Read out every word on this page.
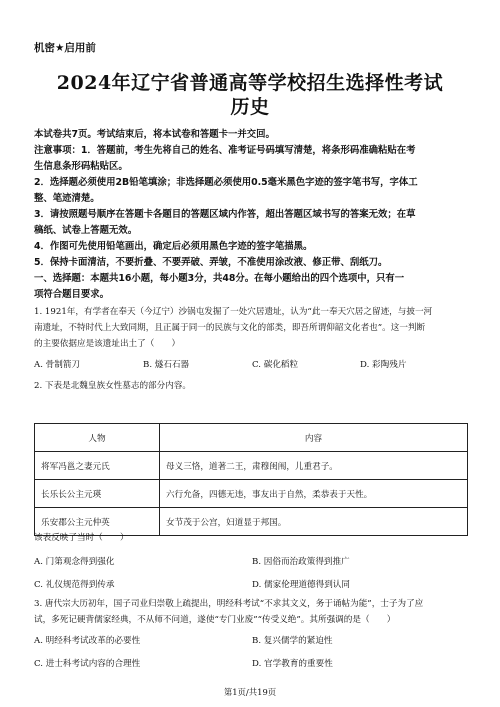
机密★启用前
2024年辽宁省普通高等学校招生选择性考试
历史
本试卷共7页。考试结束后，将本试卷和答题卡一并交回。
注意事项：1．答题前，考生先将自己的姓名、准考证号码填写清楚，将条形码准确粘贴在考
生信息条形码粘贴区。
2．选择题必须使用2B铅笔填涂；非选择题必须使用0.5毫米黑色字迹的签字笔书写，字体工
整、笔迹清楚。
3．请按照题号顺序在答题卡各题目的答题区域内作答，超出答题区域书写的答案无效；在草
稿纸、试卷上答题无效。
4．作图可先使用铅笔画出，确定后必须用黑色字迹的签字笔描黑。
5．保持卡面清洁，不要折叠、不要弄破、弄皱，不准使用涂改液、修正带、刮纸刀。
一、选择题：本题共16小题，每小题3分，共48分。在每小题给出的四个选项中，只有一
项符合题目要求。
1. 1921年，有学者在奉天（今辽宁）沙锅屯发掘了一处穴居遗址，认为“此一奉天穴居之留迹，与披一河
南遗址，不特时代上大致同期，且正属于同一的民族与文化的部类，即吾所谓仰韶文化者也”。这一判断
的主要依据应是该遗址出土了（　　）
A. 骨制箭刀	B. 燧石石器	C. 碳化稻粒	D. 彩陶残片
2. 下表是北魏皇族女性墓志的部分内容。
人物	内容
将军冯邕之妻元氏	母义三恪，道著二王，肃穆闺闱，儿重君子。
长乐长公主元瑛	六行允备，四德无违，事友出于自然，柔恭表于天性。
乐安郡公主元仲英	女节茂于公宫，妇道显于邦国。
该表反映了当时（　　）
A. 门第观念得到强化	B. 因俗而治政策得到推广
C. 礼仪规范得到传承	D. 儒家伦理道德得到认同
3. 唐代宗大历初年，国子司业归崇敬上疏提出，明经科考试“不求其文义，务于诵帖为能”，士子为了应
试，多死记硬背儒家经典，不从师不问道，遂使“专门业废”“传受义绝”。其所强调的是（　　）
A. 明经科考试改革的必要性	B. 复兴儒学的紧迫性
C. 进士科考试内容的合理性	D. 官学教育的重要性
第1页/共19页
